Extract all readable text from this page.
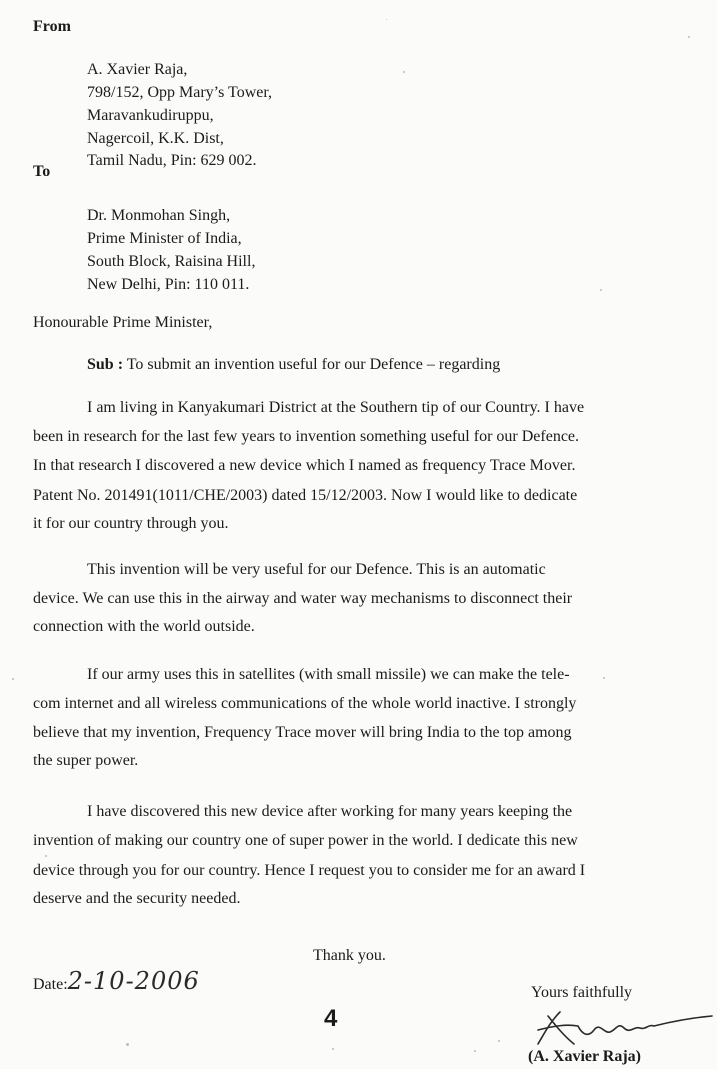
From
A. Xavier Raja,
798/152, Opp Mary’s Tower,
Maravankudiruppu,
Nagercoil, K.K. Dist,
Tamil Nadu, Pin: 629 002.
To
Dr. Monmohan Singh,
Prime Minister of India,
South Block, Raisina Hill,
New Delhi, Pin: 110 011.
Honourable Prime Minister,
Sub : To submit an invention useful for our Defence – regarding
I am living in Kanyakumari District at the Southern tip of our Country. I have
been in research for the last few years to invention something useful for our Defence.
In that research I discovered a new device which I named as frequency Trace Mover.
Patent No. 201491(1011/CHE/2003) dated 15/12/2003. Now I would like to dedicate
it for our country through you.
This invention will be very useful for our Defence. This is an automatic
device. We can use this in the airway and water way mechanisms to disconnect their
connection with the world outside.
If our army uses this in satellites (with small missile) we can make the tele-
com internet and all wireless communications of the whole world inactive. I strongly
believe that my invention, Frequency Trace mover will bring India to the top among
the super power.
I have discovered this new device after working for many years keeping the
invention of making our country one of super power in the world. I dedicate this new
device through you for our country. Hence I request you to consider me for an award I
deserve and the security needed.
Thank you.
Date:2-10-2006	Yours faithfully
4
(A. Xavier Raja)
